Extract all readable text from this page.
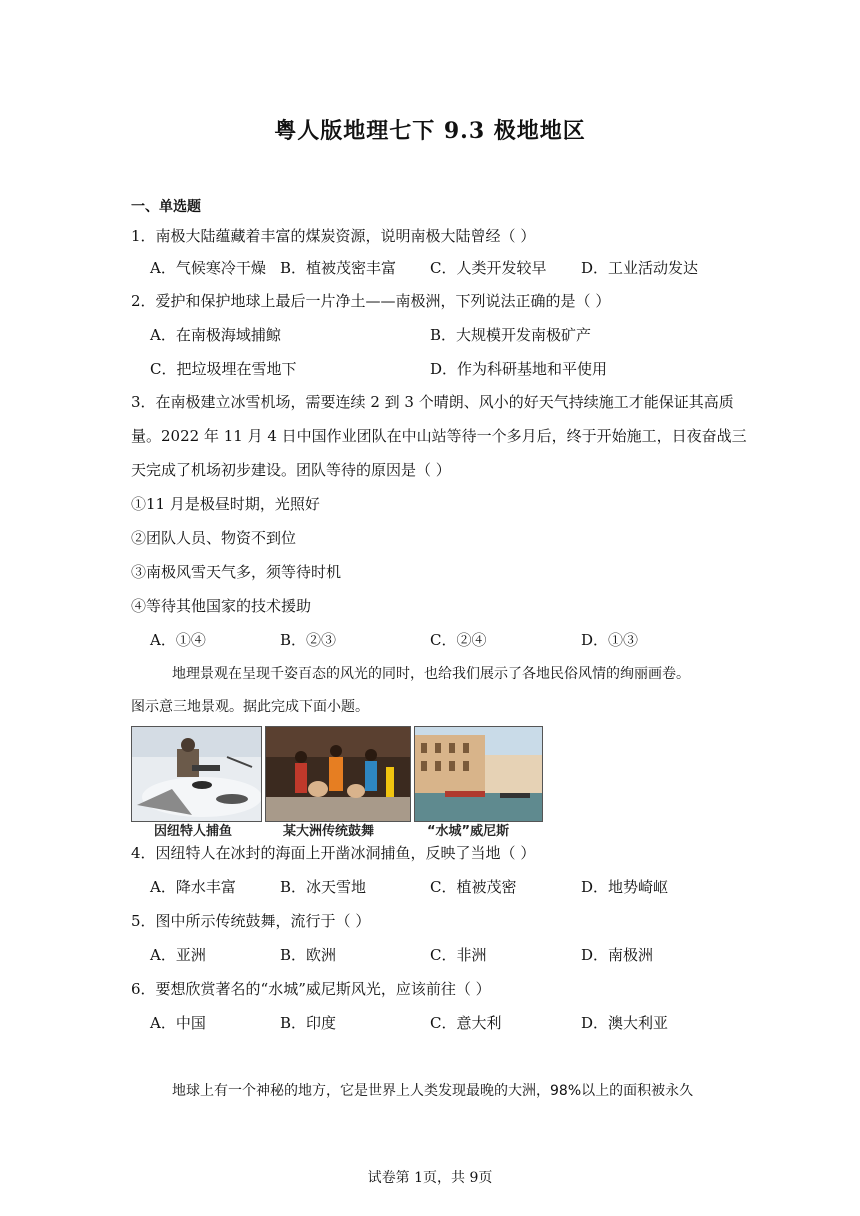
粤人版地理七下 9.3 极地地区
一、单选题
1．南极大陆蕴藏着丰富的煤炭资源，说明南极大陆曾经（ ）
A．气候寒冷干燥 B．植被茂密丰富 C．人类开发较早 D．工业活动发达
2．爱护和保护地球上最后一片净土——南极洲，下列说法正确的是（ ）
A．在南极海域捕鲸	B．大规模开发南极矿产
C．把垃圾埋在雪地下	D．作为科研基地和平使用
3．在南极建立冰雪机场，需要连续 2 到 3 个晴朗、风小的好天气持续施工才能保证其高质
量。2022 年 11 月 4 日中国作业团队在中山站等待一个多月后，终于开始施工，日夜奋战三
天完成了机场初步建设。团队等待的原因是（ ）
①11 月是极昼时期，光照好
②团队人员、物资不到位
③南极风雪天气多，须等待时机
④等待其他国家的技术援助
A．①④	B．②③	C．②④	D．①③
地理景观在呈现千姿百态的风光的同时，也给我们展示了各地民俗风情的绚丽画卷。
图示意三地景观。据此完成下面小题。
因纽特人捕鱼	某大洲传统鼓舞	“水城”威尼斯
4．因纽特人在冰封的海面上开凿冰洞捕鱼，反映了当地（ ）
A．降水丰富	B．冰天雪地	C．植被茂密	D．地势崎岖
5．图中所示传统鼓舞，流行于（ ）
A．亚洲	B．欧洲	C．非洲	D．南极洲
6．要想欣赏著名的“水城”威尼斯风光，应该前往（ ）
A．中国	B．印度	C．意大利	D．澳大利亚
地球上有一个神秘的地方，它是世界上人类发现最晚的大洲，98%以上的面积被永久
试卷第 1页，共 9页
